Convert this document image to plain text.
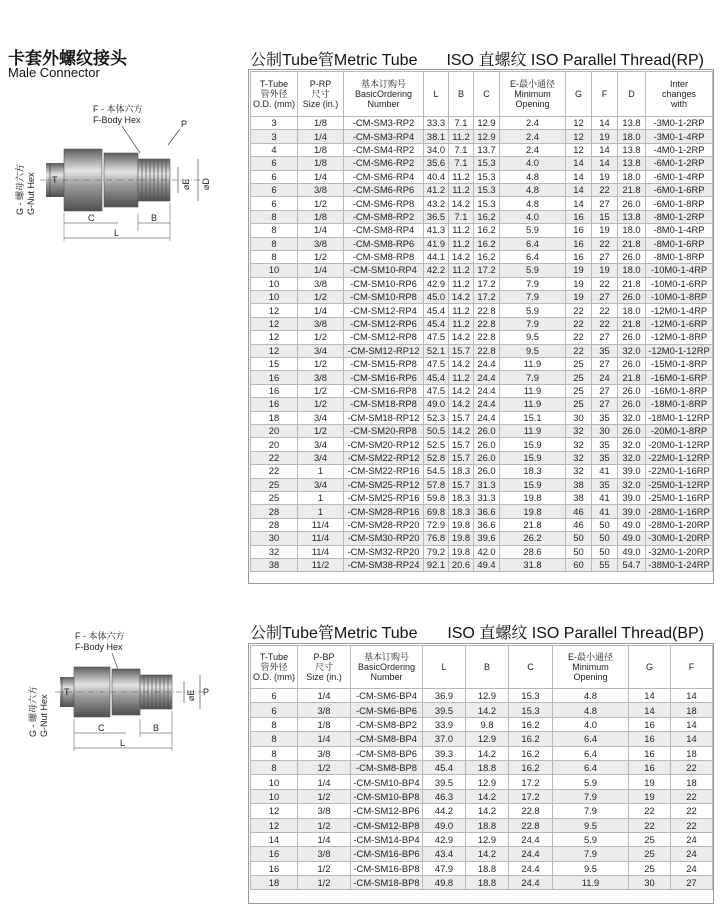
卡套外螺纹接头
Male Connector
公制Tube管Metric Tube ISO 直螺纹 ISO Parallel Thread(RP)
T-Tube
管外径
O.D. (mm)	P-RP
尺寸
Size (in.)	基本订购号
BasicOrdering
Number	L	B	C	E-最小通径
Minimum
Opening	G	F	D	Inter
changes
with
3	1/8	-CM-SM3-RP2	33.3	7.1	12.9	2.4	12	14	13.8	-3M0-1-2RP
3	1/4	-CM-SM3-RP4	38.1	11.2	12.9	2.4	12	19	18.0	-3M0-1-4RP
4	1/8	-CM-SM4-RP2	34.0	7.1	13.7	2.4	12	14	13.8	-4M0-1-2RP
6	1/8	-CM-SM6-RP2	35.6	7.1	15.3	4.0	14	14	13.8	-6M0-1-2RP
6	1/4	-CM-SM6-RP4	40.4	11.2	15.3	4.8	14	19	18.0	-6M0-1-4RP
6	3/8	-CM-SM6-RP6	41.2	11.2	15.3	4.8	14	22	21.8	-6M0-1-6RP
6	1/2	-CM-SM6-RP8	43.2	14.2	15.3	4.8	14	27	26.0	-6M0-1-8RP
8	1/8	-CM-SM8-RP2	36.5	7.1	16.2	4.0	16	15	13.8	-8M0-1-2RP
8	1/4	-CM-SM8-RP4	41.3	11.2	16.2	5.9	16	19	18.0	-8M0-1-4RP
8	3/8	-CM-SM8-RP6	41.9	11.2	16.2	6.4	16	22	21.8	-8M0-1-6RP
8	1/2	-CM-SM8-RP8	44.1	14.2	16.2	6.4	16	27	26.0	-8M0-1-8RP
10	1/4	-CM-SM10-RP4	42.2	11.2	17.2	5.9	19	19	18.0	-10M0-1-4RP
10	3/8	-CM-SM10-RP6	42.9	11.2	17.2	7.9	19	22	21.8	-10M0-1-6RP
10	1/2	-CM-SM10-RP8	45.0	14.2	17.2	7.9	19	27	26.0	-10M0-1-8RP
12	1/4	-CM-SM12-RP4	45.4	11.2	22.8	5.9	22	22	18.0	-12M0-1-4RP
12	3/8	-CM-SM12-RP6	45.4	11.2	22.8	7.9	22	22	21.8	-12M0-1-6RP
12	1/2	-CM-SM12-RP8	47.5	14.2	22.8	9.5	22	27	26.0	-12M0-1-8RP
12	3/4	-CM-SM12-RP12	52.1	15.7	22.8	9.5	22	35	32.0	-12M0-1-12RP
15	1/2	-CM-SM15-RP8	47.5	14.2	24.4	11.9	25	27	26.0	-15M0-1-8RP
16	3/8	-CM-SM16-RP6	45.4	11.2	24.4	7.9	25	24	21.8	-16M0-1-6RP
16	1/2	-CM-SM16-RP8	47.5	14.2	24.4	11.9	25	27	26.0	-16M0-1-8RP
16	1/2	-CM-SM18-RP8	49.0	14.2	24.4	11.9	25	27	26.0	-18M0-1-8RP
18	3/4	-CM-SM18-RP12	52.3	15.7	24.4	15.1	30	35	32.0	-18M0-1-12RP
20	1/2	-CM-SM20-RP8	50.5	14.2	26.0	11.9	32	30	26.0	-20M0-1-8RP
20	3/4	-CM-SM20-RP12	52.5	15.7	26.0	15.9	32	35	32.0	-20M0-1-12RP
22	3/4	-CM-SM22-RP12	52.8	15.7	26.0	15.9	32	35	32.0	-22M0-1-12RP
22	1	-CM-SM22-RP16	54.5	18.3	26.0	18.3	32	41	39.0	-22M0-1-16RP
25	3/4	-CM-SM25-RP12	57.8	15.7	31.3	15.9	38	35	32.0	-25M0-1-12RP
25	1	-CM-SM25-RP16	59.8	18.3	31.3	19.8	38	41	39.0	-25M0-1-16RP
28	1	-CM-SM28-RP16	69.8	18.3	36.6	19.8	46	41	39.0	-28M0-1-16RP
28	11/4	-CM-SM28-RP20	72.9	19.8	36.6	21.8	46	50	49.0	-28M0-1-20RP
30	11/4	-CM-SM30-RP20	76.8	19.8	39.6	26.2	50	50	49.0	-30M0-1-20RP
32	11/4	-CM-SM32-RP20	79.2	19.8	42.0	28.6	50	50	49.0	-32M0-1-20RP
38	11/2	-CM-SM38-RP24	92.1	20.6	49.4	31.8	60	55	54.7	-38M0-1-24RP
公制Tube管Metric Tube ISO 直螺纹 ISO Parallel Thread(BP)
T-Tube
管外径
O.D. (mm)	P-BP
尺寸
Size (in.)	基本订购号
BasicOrdering
Number	L	B	C	E-最小通径
Minimum
Opening	G	F
6	1/4	-CM-SM6-BP4	36.9	12.9	15.3	4.8	14	14
6	3/8	-CM-SM6-BP6	39.5	14.2	15.3	4.8	14	18
8	1/8	-CM-SM8-BP2	33.9	9.8	16.2	4.0	16	14
8	1/4	-CM-SM8-BP4	37.0	12.9	16.2	6.4	16	14
8	3/8	-CM-SM8-BP6	39.3	14.2	16.2	6.4	16	18
8	1/2	-CM-SM8-BP8	45.4	18.8	16.2	6.4	16	22
10	1/4	-CM-SM10-BP4	39.5	12.9	17.2	5.9	19	18
10	1/2	-CM-SM10-BP8	46.3	14.2	17.2	7.9	19	22
12	3/8	-CM-SM12-BP6	44.2	14.2	22.8	7.9	22	22
12	1/2	-CM-SM12-BP8	49.0	18.8	22.8	9.5	22	22
14	1/4	-CM-SM14-BP4	42.9	12.9	24.4	5.9	25	24
16	3/8	-CM-SM16-BP6	43.4	14.2	24.4	7.9	25	24
16	1/2	-CM-SM16-BP8	47.9	18.8	24.4	9.5	25	24
18	1/2	-CM-SM18-BP8	49.8	18.8	24.4	11.9	30	27
F - 本体六方
F-Body Hex	P
G - 螺母六方 G-Nut Hex T	⌀E ⌀D
C	B
L
F - 本体六方
F-Body Hex
G - 螺母六方 G-Nut Hex
T	⌀E P
C	B
L
